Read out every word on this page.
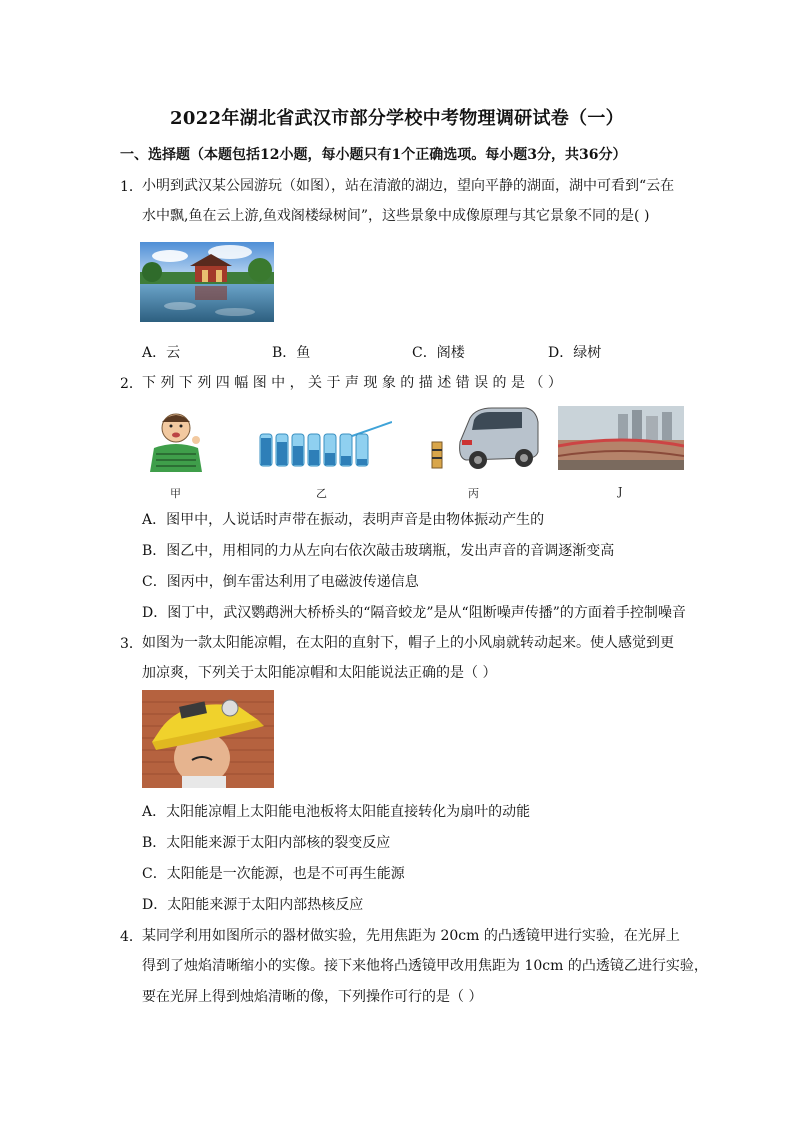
2022年湖北省武汉市部分学校中考物理调研试卷（一）
一、选择题（本题包括12小题，每小题只有1个正确选项。每小题3分，共36分）
1． 小明到武汉某公园游玩（如图），站在清澈的湖边，望向平静的湖面，湖中可看到“云在
水中飘,鱼在云上游,鱼戏阁楼绿树间”，这些景象中成像原理与其它景象不同的是( )
A．云	B．鱼	C．阁楼	D．绿树
2． 下 列 下 列 四 幅 图 中 ， 关 于 声 现 象 的 描 述 错 误 的 是 （ ）
甲	乙	丙	J
A．图甲中，人说话时声带在振动，表明声音是由物体振动产生的
B．图乙中，用相同的力从左向右依次敲击玻璃瓶，发出声音的音调逐渐变高
C．图丙中，倒车雷达利用了电磁波传递信息
D．图丁中，武汉鹦鹉洲大桥桥头的“隔音蛟龙”是从“阻断噪声传播”的方面着手控制噪音
3． 如图为一款太阳能凉帽，在太阳的直射下，帽子上的小风扇就转动起来。使人感觉到更
加凉爽，下列关于太阳能凉帽和太阳能说法正确的是（ ）
A．太阳能凉帽上太阳能电池板将太阳能直接转化为扇叶的动能
B．太阳能来源于太阳内部核的裂变反应
C．太阳能是一次能源，也是不可再生能源
D．太阳能来源于太阳内部热核反应
4． 某同学利用如图所示的器材做实验，先用焦距为 20cm 的凸透镜甲进行实验，在光屏上
得到了烛焰清晰缩小的实像。接下来他将凸透镜甲改用焦距为 10cm 的凸透镜乙进行实验，
要在光屏上得到烛焰清晰的像，下列操作可行的是（ ）
